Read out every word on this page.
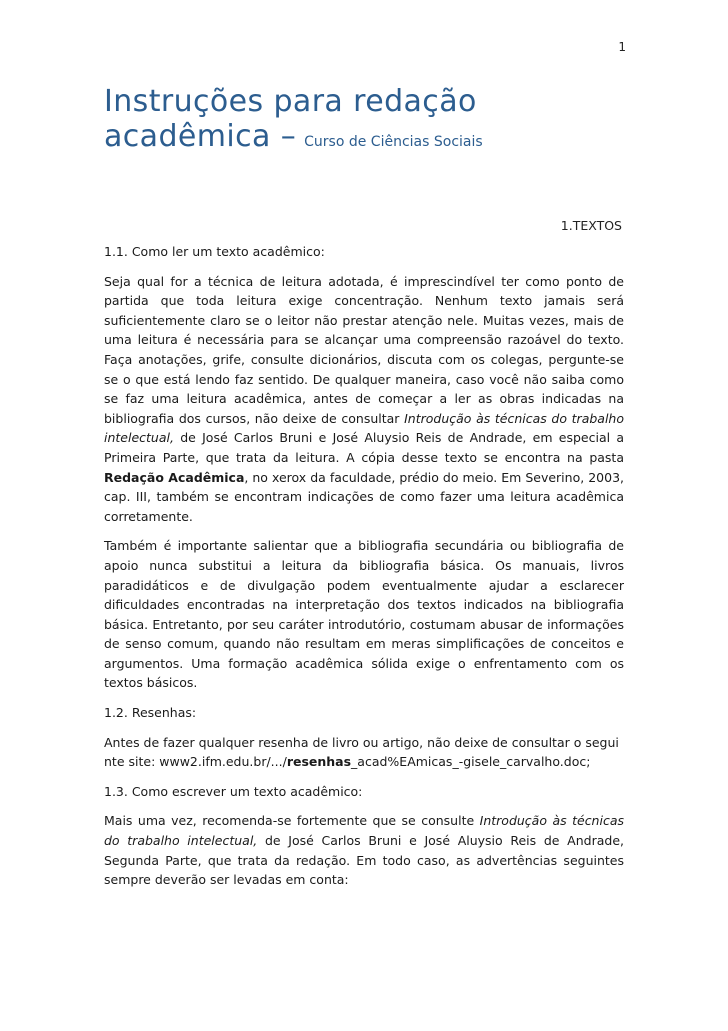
1
Instruções para redação acadêmica – Curso de Ciências Sociais
1.TEXTOS
1.1. Como ler um texto acadêmico:

Seja qual for a técnica de leitura adotada, é imprescindível ter como ponto de partida que toda leitura exige concentração. Nenhum texto jamais será suficientemente claro se o leitor não prestar atenção nele. Muitas vezes, mais de uma leitura é necessária para se alcançar uma compreensão razoável do texto. Faça anotações, grife, consulte dicionários, discuta com os colegas, pergunte-se se o que está lendo faz sentido. De qualquer maneira, caso você não saiba como se faz uma leitura acadêmica, antes de começar a ler as obras indicadas na bibliografia dos cursos, não deixe de consultar Introdução às técnicas do trabalho intelectual, de José Carlos Bruni e José Aluysio Reis de Andrade, em especial a Primeira Parte, que trata da leitura. A cópia desse texto se encontra na pasta Redação Acadêmica, no xerox da faculdade, prédio do meio. Em Severino, 2003, cap. III, também se encontram indicações de como fazer uma leitura acadêmica corretamente.

Também é importante salientar que a bibliografia secundária ou bibliografia de apoio nunca substitui a leitura da bibliografia básica. Os manuais, livros paradidáticos e de divulgação podem eventualmente ajudar a esclarecer dificuldades encontradas na interpretação dos textos indicados na bibliografia básica. Entretanto, por seu caráter introdutório, costumam abusar de informações de senso comum, quando não resultam em meras simplificações de conceitos e argumentos. Uma formação acadêmica sólida exige o enfrentamento com os textos básicos.

1.2. Resenhas:

Antes de fazer qualquer resenha de livro ou artigo, não deixe de consultar o seguinte site: www2.ifm.edu.br/.../resenhas_acad%EAmicas_-gisele_carvalho.doc;

1.3. Como escrever um texto acadêmico:

Mais uma vez, recomenda-se fortemente que se consulte Introdução às técnicas do trabalho intelectual, de José Carlos Bruni e José Aluysio Reis de Andrade, Segunda Parte, que trata da redação. Em todo caso, as advertências seguintes sempre deverão ser levadas em conta:
